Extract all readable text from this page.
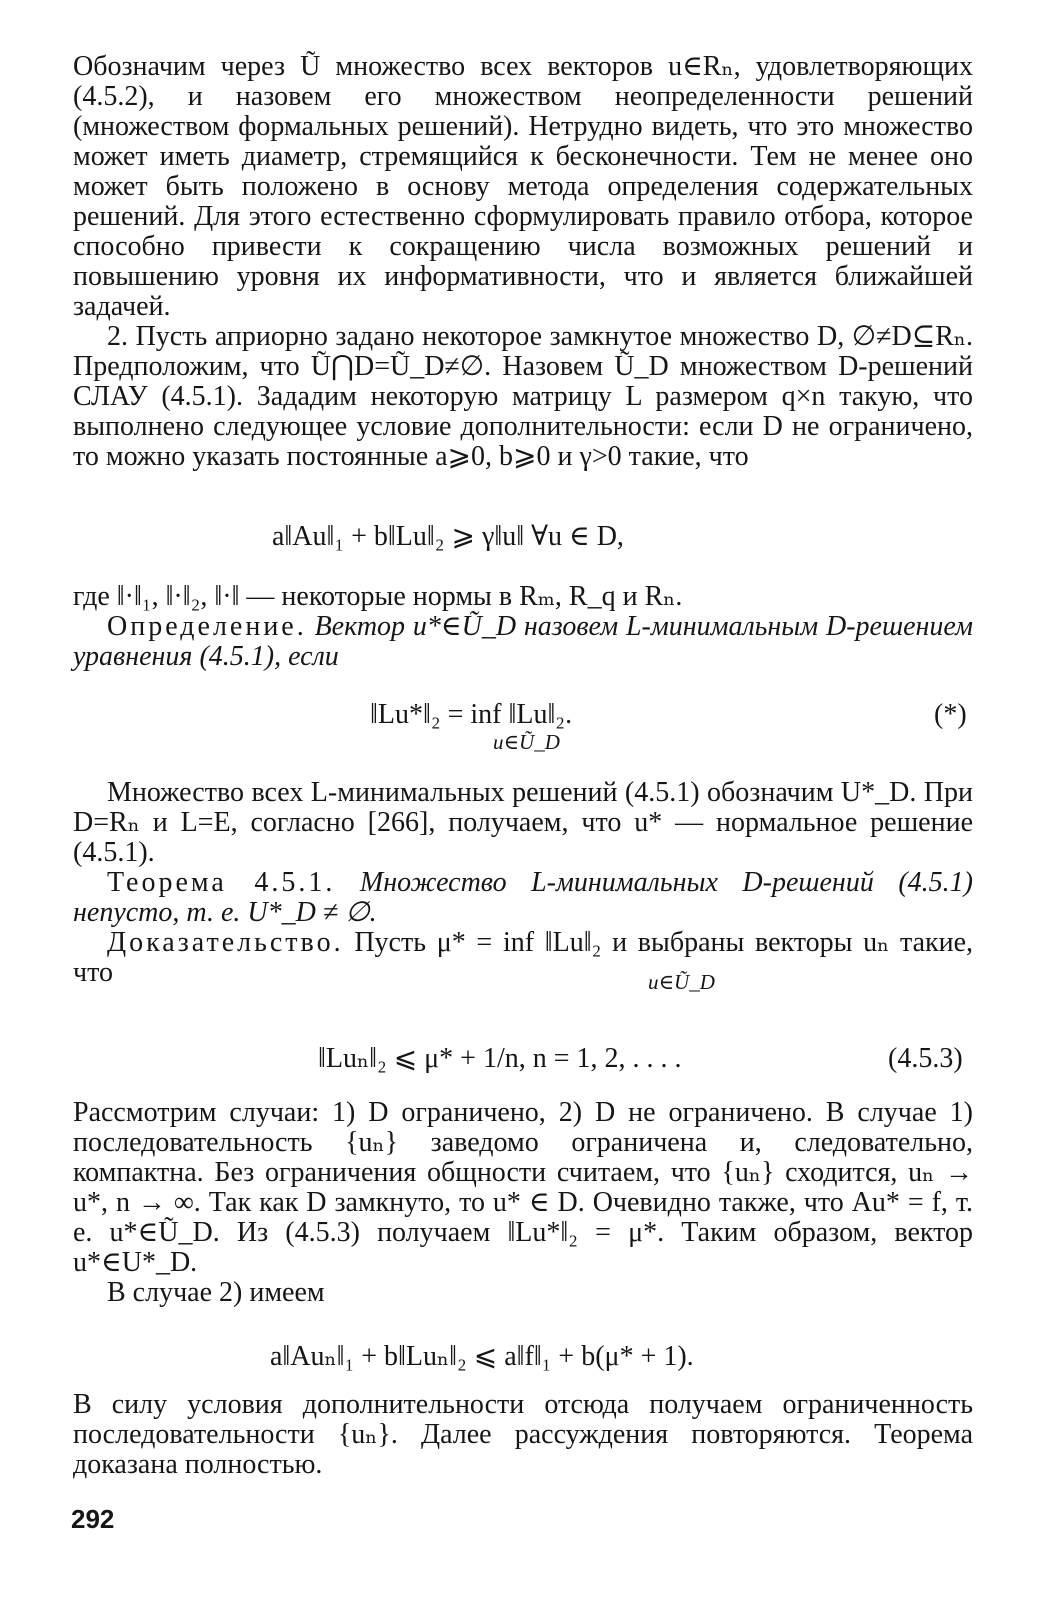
Обозначим через Ũ множество всех векторов u∈Rₙ, удовлетворяющих (4.5.2), и назовем его множеством неопределенности решений (множеством формальных решений). Нетрудно видеть, что это множество может иметь диаметр, стремящийся к бесконечности. Тем не менее оно может быть положено в основу метода определения содержательных решений. Для этого естественно сформулировать правило отбора, которое способно привести к сокращению числа возможных решений и повышению уровня их информативности, что и является ближайшей задачей.

2. Пусть априорно задано некоторое замкнутое множество D, ∅≠D⊆Rₙ. Предположим, что Ũ⋂D=Ũ_D≠∅. Назовем Ũ_D множеством D-решений СЛАУ (4.5.1). Зададим некоторую матрицу L размером q×n такую, что выполнено следующее условие дополнительности: если D не ограничено, то можно указать постоянные a⩾0, b⩾0 и γ>0 такие, что

a‖Au‖₁ + b‖Lu‖₂ ⩾ γ‖u‖ ∀u ∈ D,

где ‖·‖₁, ‖·‖₂, ‖·‖ — некоторые нормы в Rₘ, R_q и Rₙ.

Определение. Вектор u*∈Ũ_D назовем L-минимальным D-решением уравнения (4.5.1), если

‖Lu*‖₂ = inf ‖Lu‖₂.
u∈Ũ_D
(*)

Множество всех L-минимальных решений (4.5.1) обозначим U*_D. При D=Rₙ и L=E, согласно [266], получаем, что u* — нормальное решение (4.5.1).

Теорема 4.5.1. Множество L-минимальных D-решений (4.5.1) непусто, т. е. U*_D ≠ ∅.

Доказательство. Пусть μ* = inf ‖Lu‖₂ и выбраны векторы uₙ такие, что	u∈Ũ_D
‖Luₙ‖₂ ⩽ μ* + 1/n, n = 1, 2, . . . .	(4.5.3)

Рассмотрим случаи: 1) D ограничено, 2) D не ограничено. В случае 1) последовательность {uₙ} заведомо ограничена и, следовательно, компактна. Без ограничения общности считаем, что {uₙ} сходится, uₙ → u*, n → ∞. Так как D замкнуто, то u* ∈ D. Очевидно также, что Au* = f, т. е. u*∈Ũ_D. Из (4.5.3) получаем ‖Lu*‖₂ = μ*. Таким образом, вектор u*∈U*_D.

В случае 2) имеем

a‖Auₙ‖₁ + b‖Luₙ‖₂ ⩽ a‖f‖₁ + b(μ* + 1).

В силу условия дополнительности отсюда получаем ограниченность последовательности {uₙ}. Далее рассуждения повторяются. Теорема доказана полностью.

292
